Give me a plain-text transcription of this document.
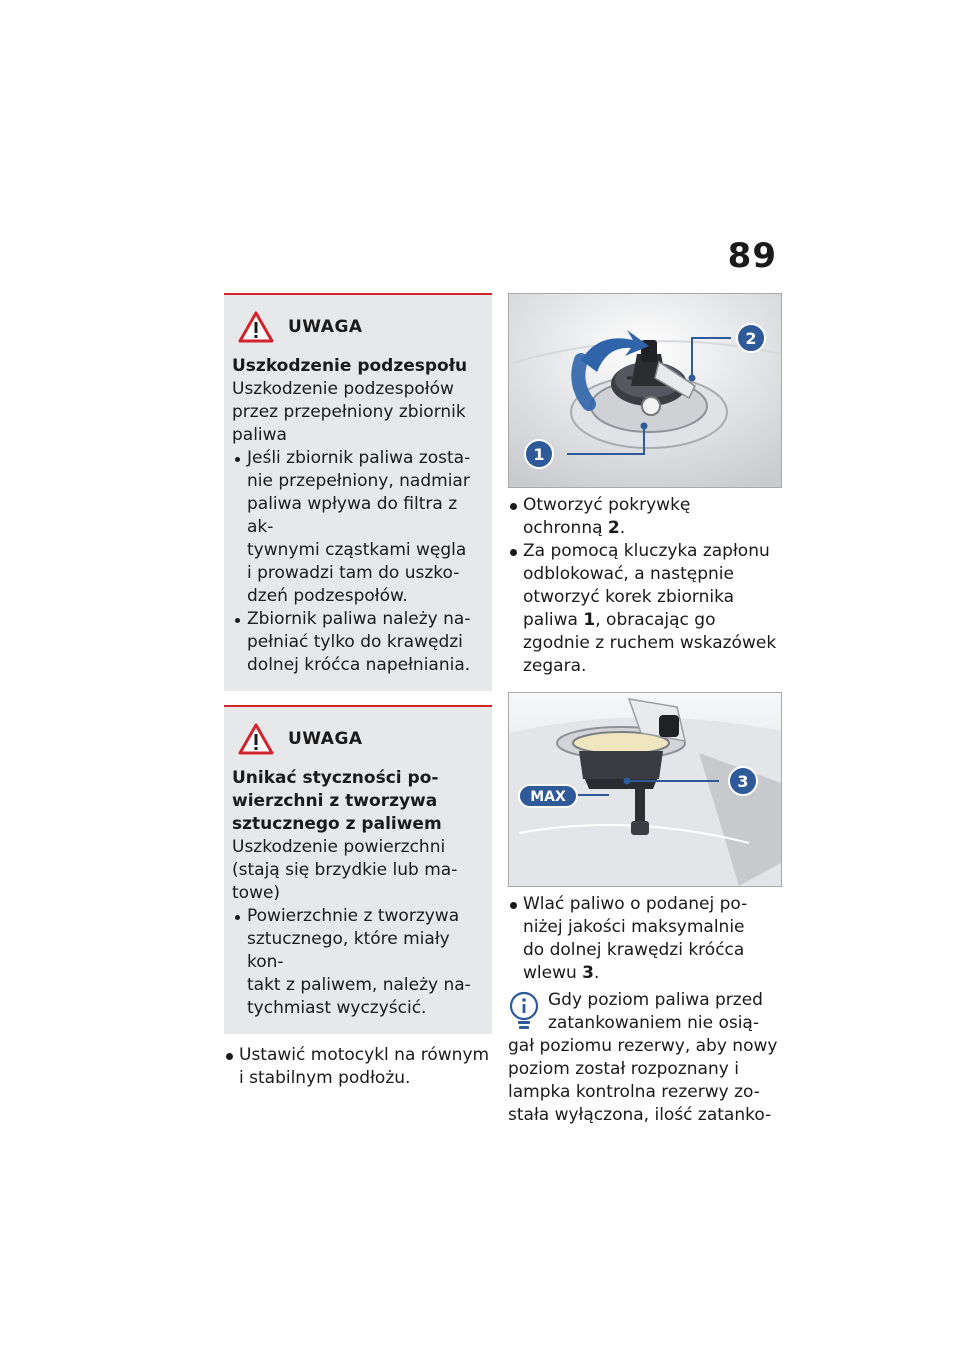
89
UWAGA
Uszkodzenie podzespołu
Uszkodzenie podzespołów
przez przepełniony zbiornik
paliwa
Jeśli zbiornik paliwa zosta-
nie przepełniony, nadmiar
paliwa wpływa do filtra z ak-
tywnymi cząstkami węgla
i prowadzi tam do uszko-
dzeń podzespołów.
Zbiornik paliwa należy na-
pełniać tylko do krawędzi
dolnej króćca napełniania.
UWAGA
Unikać styczności po-
wierzchni z tworzywa
sztucznego z paliwem
Uszkodzenie powierzchni
(stają się brzydkie lub ma-
towe)
Powierzchnie z tworzywa
sztucznego, które miały kon-
takt z paliwem, należy na-
tychmiast wyczyścić.
Ustawić motocykl na równym
i stabilnym podłożu.
1
2
Otworzyć pokrywkę
ochronną 2.
Za pomocą kluczyka zapłonu
odblokować, a następnie
otworzyć korek zbiornika
paliwa 1, obracając go
zgodnie z ruchem wskazówek
zegara.
3
MAX
Wlać paliwo o podanej po-
niżej jakości maksymalnie
do dolnej krawędzi króćca
wlewu 3.
Gdy poziom paliwa przed
zatankowaniem nie osią-
gał poziomu rezerwy, aby nowy
poziom został rozpoznany i
lampka kontrolna rezerwy zo-
stała wyłączona, ilość zatanko-
